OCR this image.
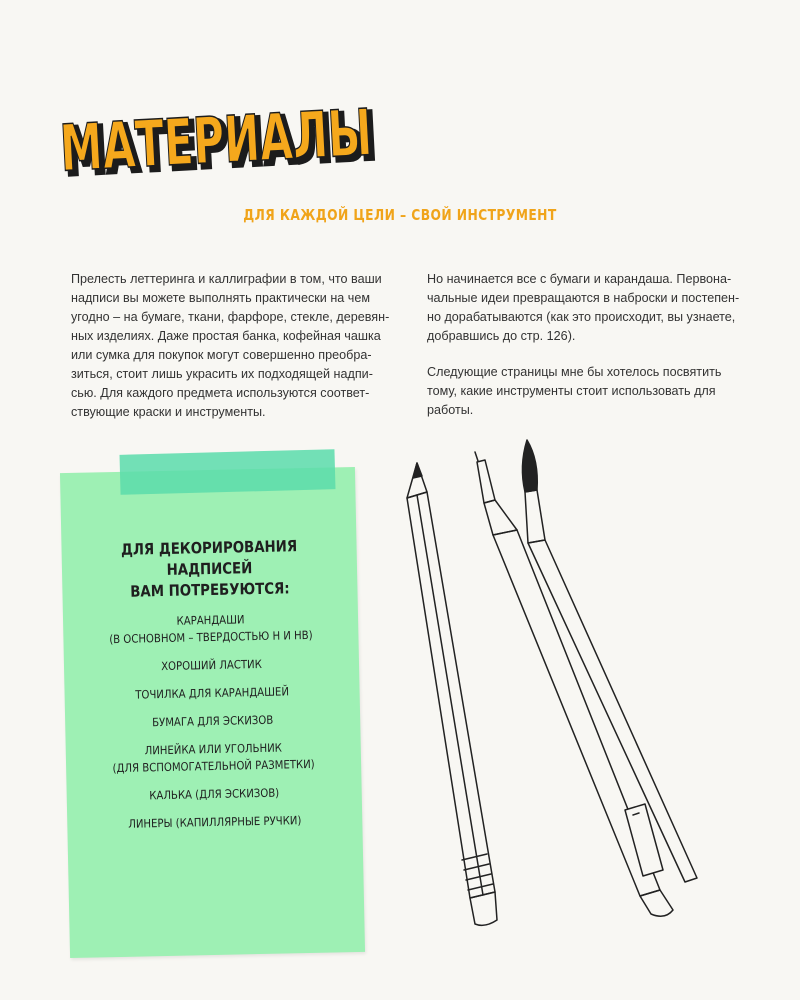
МАТЕРИАЛЫ
МАТЕРИАЛЫ
ДЛЯ КАЖДОЙ ЦЕЛИ – СВОЙ ИНСТРУМЕНТ

Прелесть леттеринга и каллиграфии в том, что ваши
надписи вы можете выполнять практически на чем
угодно – на бумаге, ткани, фарфоре, стекле, деревян-
ных изделиях. Даже простая банка, кофейная чашка
или сумка для покупок могут совершенно преобра-
зиться, стоит лишь украсить их подходящей надпи-
сью. Для каждого предмета используются соответ-
ствующие краски и инструменты.

Но начинается все с бумаги и карандаша. Первона-
чальные идеи превращаются в наброски и постепен-
но дорабатываются (как это происходит, вы узнаете,
добравшись до стр. 126).

Следующие страницы мне бы хотелось посвятить
тому, какие инструменты стоит использовать для
работы.

ДЛЯ ДЕКОРИРОВАНИЯ НАДПИСЕЙ
ВАМ ПОТРЕБУЮТСЯ:
КАРАНДАШИ
(В ОСНОВНОМ – ТВЕРДОСТЬЮ H И HB)
ХОРОШИЙ ЛАСТИК
ТОЧИЛКА ДЛЯ КАРАНДАШЕЙ
БУМАГА ДЛЯ ЭСКИЗОВ
ЛИНЕЙКА ИЛИ УГОЛЬНИК
(ДЛЯ ВСПОМОГАТЕЛЬНОЙ РАЗМЕТКИ)
КАЛЬКА (ДЛЯ ЭСКИЗОВ)
ЛИНЕРЫ (КАПИЛЛЯРНЫЕ РУЧКИ)
